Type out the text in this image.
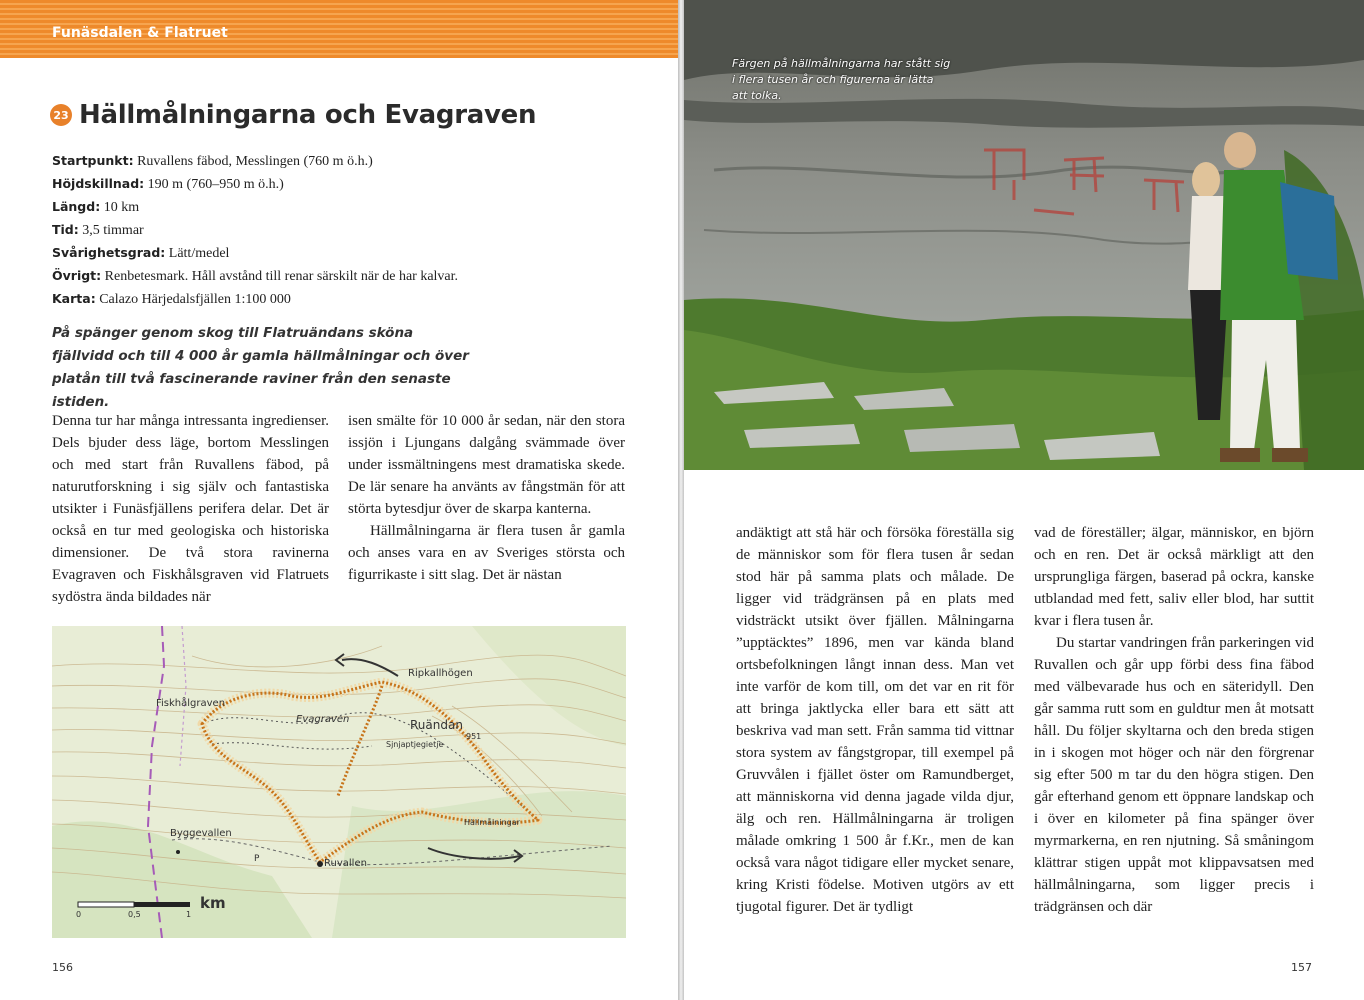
Funäsdalen & Flatruet
23 Hällmålningarna och Evagraven
Startpunkt: Ruvallens fäbod, Messlingen (760 m ö.h.)
Höjdskillnad: 190 m (760–950 m ö.h.)
Längd: 10 km
Tid: 3,5 timmar
Svårighetsgrad: Lätt/medel
Övrigt: Renbetesmark. Håll avstånd till renar särskilt när de har kalvar.
Karta: Calazo Härjedalsfjällen 1:100 000

På spänger genom skog till Flatruändans sköna fjällvidd och till 4 000 år gamla hällmålningar och över platån till två fascinerande raviner från den senaste istiden.

Denna tur har många intressanta ingredienser. Dels bjuder dess läge, bortom Messlingen och med start från Ruvallens fäbod, på naturutforskning i sig själv och fantastiska utsikter i Funäsfjällens perifera delar. Det är också en tur med geologiska och historiska dimensioner. De två stora ravinerna Evagraven och Fiskhålsgraven vid Flatruets sydöstra ända bildades när

isen smälte för 10 000 år sedan, när den stora issjön i Ljungans dalgång svämmade över under issmältningens mest dramatiska skede. De lär senare ha använts av fångstmän för att störta bytesdjur över de skarpa kanterna.

Hällmålningarna är flera tusen år gamla och anses vara en av Sveriges största och figurrikaste i sitt slag. Det är nästan

Ripkallhögen
Fiskhålgraven
Evagraven	Ruändan
951
Sjnjaptjegietje
Hällmålningar
Byggevallen
Ruvallen
P
0	0,5	1
km
156

Färgen på hällmålningarna har stått sig i flera tusen år och figurerna är lätta att tolka.

andäktigt att stå här och försöka föreställa sig de människor som för flera tusen år sedan stod här på samma plats och målade. De ligger vid trädgränsen på en plats med vidsträckt utsikt över fjällen. Målningarna ”upptäcktes” 1896, men var kända bland ortsbefolkningen långt innan dess. Man vet inte varför de kom till, om det var en rit för att bringa jaktlycka eller bara ett sätt att beskriva vad man sett. Från samma tid vittnar stora system av fångstgropar, till exempel på Gruvvålen i fjället öster om Ramundberget, att människorna vid denna jagade vilda djur, älg och ren. Hällmålningarna är troligen målade omkring 1 500 år f.Kr., men de kan också vara något tidigare eller mycket senare, kring Kristi födelse. Motiven utgörs av ett tjugotal figurer. Det är tydligt

vad de föreställer; älgar, människor, en björn och en ren. Det är också märkligt att den ursprungliga färgen, baserad på ockra, kanske utblandad med fett, saliv eller blod, har suttit kvar i flera tusen år.

Du startar vandringen från parkeringen vid Ruvallen och går upp förbi dess fina fäbod med välbevarade hus och en säteridyll. Den går samma rutt som en guldtur men åt motsatt håll. Du följer skyltarna och den breda stigen in i skogen mot höger och när den förgrenar sig efter 500 m tar du den högra stigen. Den går efterhand genom ett öppnare landskap och i över en kilometer på fina spänger över myrmarkerna, en ren njutning. Så småningom klättrar stigen uppåt mot klippavsatsen med hällmålningarna, som ligger precis i trädgränsen och där

157
